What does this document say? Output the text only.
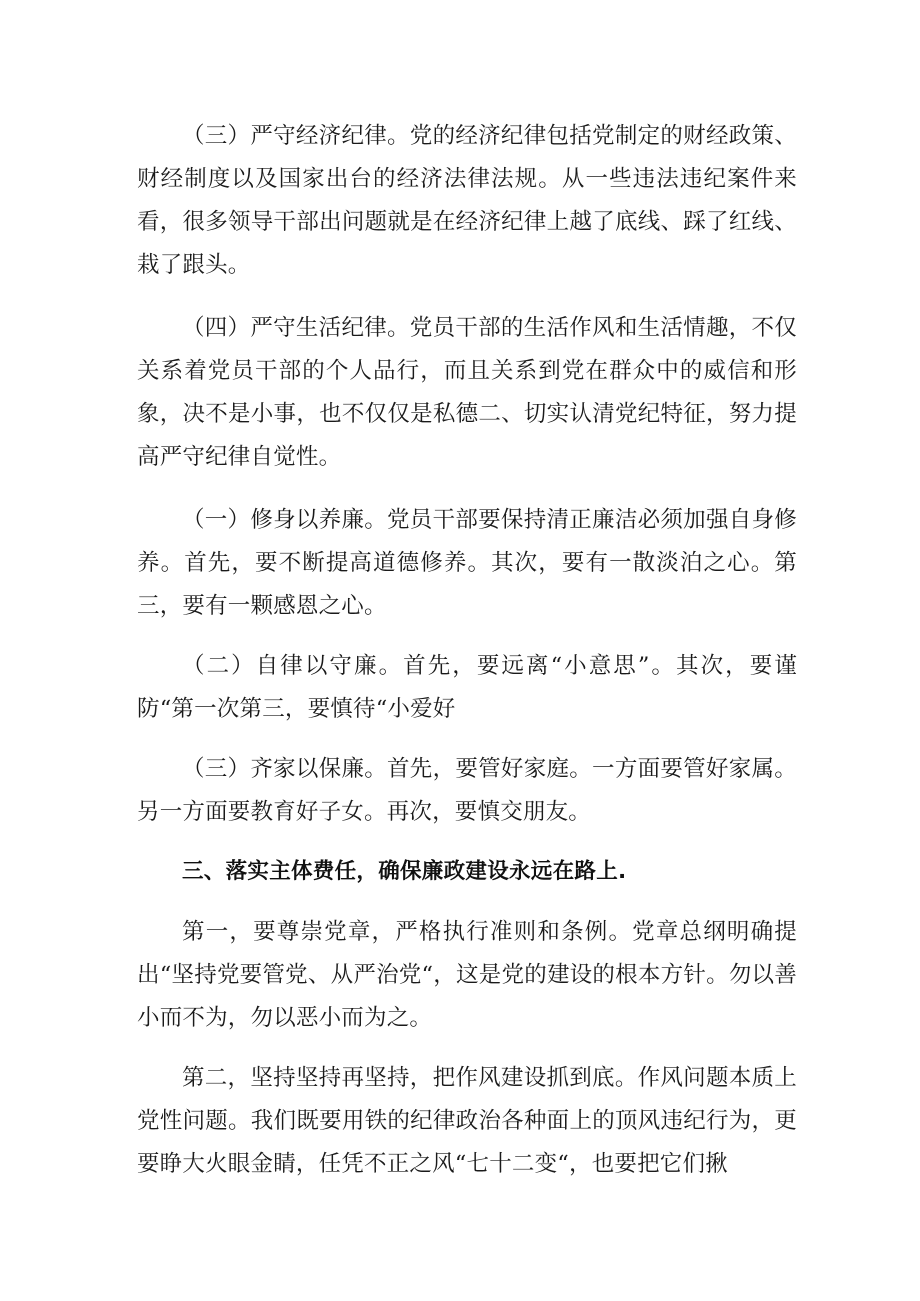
（三）严守经济纪律。党的经济纪律包括党制定的财经政策、财经制度以及国家出台的经济法律法规。从一些违法违纪案件来看，很多领导干部出问题就是在经济纪律上越了底线、踩了红线、栽了跟头。

（四）严守生活纪律。党员干部的生活作风和生活情趣，不仅关系着党员干部的个人品行，而且关系到党在群众中的威信和形象，决不是小事，也不仅仅是私德二、切实认清党纪特征，努力提高严守纪律自觉性。

（一）修身以养廉。党员干部要保持清正廉洁必须加强自身修养。首先，要不断提高道德修养。其次，要有一散淡泊之心。第三，要有一颗感恩之心。

（二）自律以守廉。首先，要远离“小意思”。其次，要谨防“第一次第三，要慎待“小爱好

（三）齐家以保廉。首先，要管好家庭。一方面要管好家属。另一方面要教育好子女。再次，要慎交朋友。

三、落实主体费任，确保廉政建设永远在路上.

第一，要尊崇党章，严格执行准则和条例。党章总纲明确提出“坚持党要管党、从严治党“，这是党的建设的根本方针。勿以善小而不为，勿以恶小而为之。

第二，坚持坚持再坚持，把作风建设抓到底。作风问题本质上党性问题。我们既要用铁的纪律政治各种面上的顶风违纪行为，更要睁大火眼金睛，任凭不正之风“七十二变“，也要把它们揪
